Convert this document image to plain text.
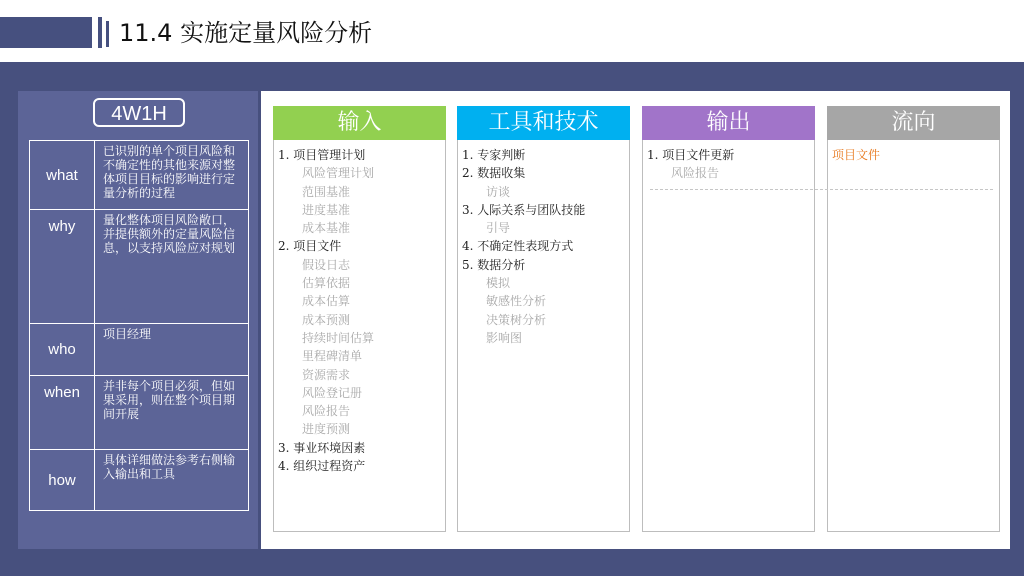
11.4 实施定量风险分析
4W1H
what	已识别的单个项目风险和不确定性的其他来源对整体项目目标的影响进行定量分析的过程
why	量化整体项目风险敞口，并提供额外的定量风险信息，以支持风险应对规划
who	项目经理
when	并非每个项目必须，但如果采用，则在整个项目期间开展
how	具体详细做法参考右侧输入输出和工具
输入
1. 项目管理计划
风险管理计划
范围基准
进度基准
成本基准
2. 项目文件
假设日志
估算依据
成本估算
成本预测
持续时间估算
里程碑清单
资源需求
风险登记册
风险报告
进度预测
3. 事业环境因素
4. 组织过程资产
工具和技术
1. 专家判断
2. 数据收集
访谈
3. 人际关系与团队技能
引导
4. 不确定性表现方式
5. 数据分析
模拟
敏感性分析
决策树分析
影响图
输出
1. 项目文件更新
风险报告
流向
项目文件
